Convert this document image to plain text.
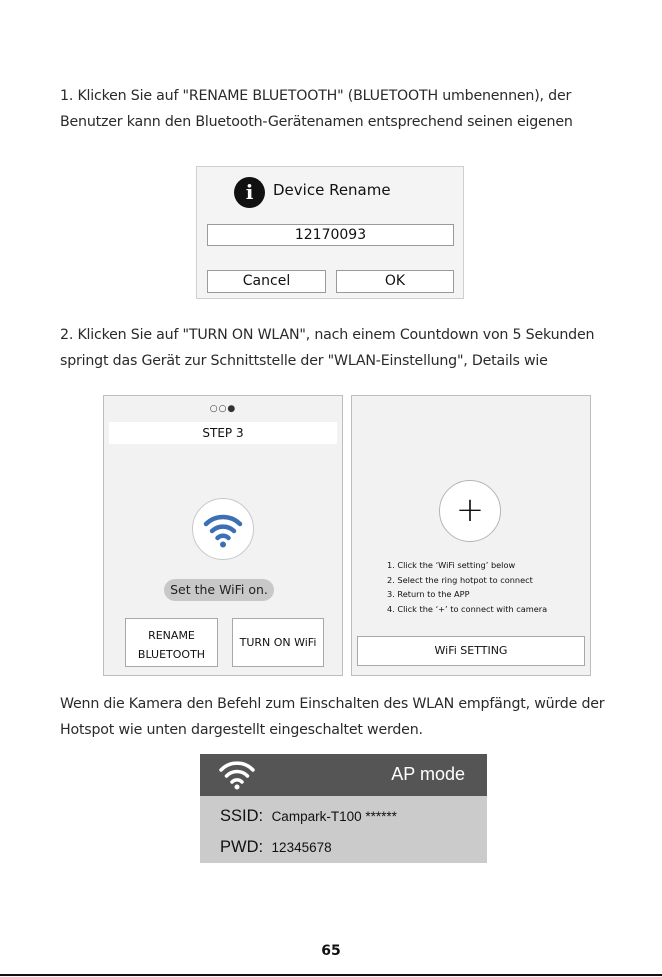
1. Klicken Sie auf "RENAME BLUETOOTH" (BLUETOOTH umbenennen), der
Benutzer kann den Bluetooth-Gerätenamen entsprechend seinen eigenen
i	Device Rename
12170093
Cancel	OK
2. Klicken Sie auf "TURN ON WLAN", nach einem Countdown von 5 Sekunden
springt das Gerät zur Schnittstelle der "WLAN-Einstellung", Details wie
○○●
STEP 3
Set the WiFi on.
RENAME
BLUETOOTH
TURN ON WiFi
+
1. Click the ‘WiFi setting’ below
2. Select the ring hotpot to connect
3. Return to the APP
4. Click the ‘+’ to connect with camera
WiFi SETTING
Wenn die Kamera den Befehl zum Einschalten des WLAN empfängt, würde der
Hotspot wie unten dargestellt eingeschaltet werden.
AP mode
SSID: Campark-T100 ******
PWD: 12345678
65
